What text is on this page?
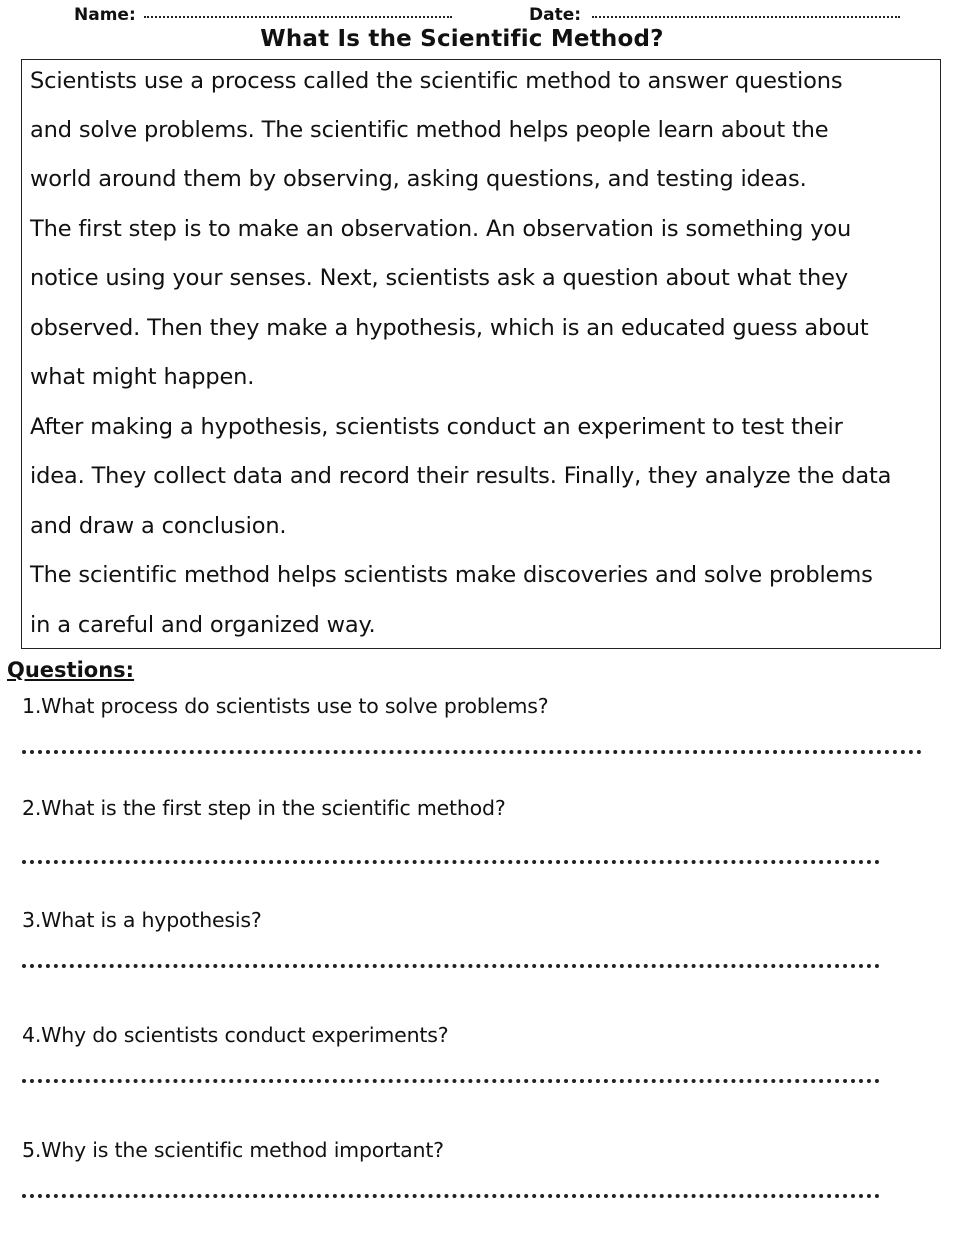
Name:	Date:
What Is the Scientific Method?
Scientists use a process called the scientific method to answer questions
and solve problems. The scientific method helps people learn about the
world around them by observing, asking questions, and testing ideas.
The first step is to make an observation. An observation is something you
notice using your senses. Next, scientists ask a question about what they
observed. Then they make a hypothesis, which is an educated guess about
what might happen.
After making a hypothesis, scientists conduct an experiment to test their
idea. They collect data and record their results. Finally, they analyze the data
and draw a conclusion.
The scientific method helps scientists make discoveries and solve problems
in a careful and organized way.
Questions:
1.What process do scientists use to solve problems?
2.What is the first step in the scientific method?
3.What is a hypothesis?
4.Why do scientists conduct experiments?
5.Why is the scientific method important?
